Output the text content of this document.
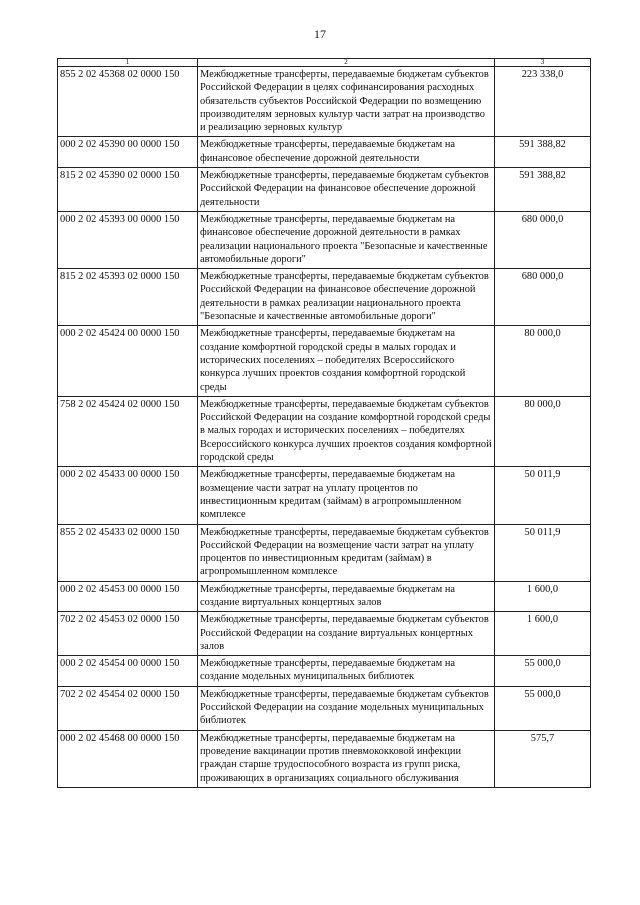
17
1	2	3
855 2 02 45368 02 0000 150	Межбюджетные трансферты, передаваемые бюджетам субъектов Российской Федерации в целях софинансирования расходных обязательств субъектов Российской Федерации по возмещению производителям зерновых культур части затрат на производство и реализацию зерновых культур	223 338,0
000 2 02 45390 00 0000 150	Межбюджетные трансферты, передаваемые бюджетам на финансовое обеспечение дорожной деятельности	591 388,82
815 2 02 45390 02 0000 150	Межбюджетные трансферты, передаваемые бюджетам субъектов Российской Федерации на финансовое обеспечение дорожной деятельности	591 388,82
000 2 02 45393 00 0000 150	Межбюджетные трансферты, передаваемые бюджетам на финансовое обеспечение дорожной деятельности в рамках реализации национального проекта "Безопасные и качественные автомобильные дороги"	680 000,0
815 2 02 45393 02 0000 150	Межбюджетные трансферты, передаваемые бюджетам субъектов Российской Федерации на финансовое обеспечение дорожной деятельности в рамках реализации национального проекта "Безопасные и качественные автомобильные дороги"	680 000,0
000 2 02 45424 00 0000 150	Межбюджетные трансферты, передаваемые бюджетам на создание комфортной городской среды в малых городах и исторических поселениях – победителях Всероссийского конкурса лучших проектов создания комфортной городской среды	80 000,0
758 2 02 45424 02 0000 150	Межбюджетные трансферты, передаваемые бюджетам субъектов Российской Федерации на создание комфортной городской среды в малых городах и исторических поселениях – победителях Всероссийского конкурса лучших проектов создания комфортной городской среды	80 000,0
000 2 02 45433 00 0000 150	Межбюджетные трансферты, передаваемые бюджетам на возмещение части затрат на уплату процентов по инвестиционным кредитам (займам) в агропромышленном комплексе	50 011,9
855 2 02 45433 02 0000 150	Межбюджетные трансферты, передаваемые бюджетам субъектов Российской Федерации на возмещение части затрат на уплату процентов по инвестиционным кредитам (займам) в агропромышленном комплексе	50 011,9
000 2 02 45453 00 0000 150	Межбюджетные трансферты, передаваемые бюджетам на создание виртуальных концертных залов	1 600,0
702 2 02 45453 02 0000 150	Межбюджетные трансферты, передаваемые бюджетам субъектов Российской Федерации на создание виртуальных концертных залов	1 600,0
000 2 02 45454 00 0000 150	Межбюджетные трансферты, передаваемые бюджетам на создание модельных муниципальных библиотек	55 000,0
702 2 02 45454 02 0000 150	Межбюджетные трансферты, передаваемые бюджетам субъектов Российской Федерации на создание модельных муниципальных библиотек	55 000,0
000 2 02 45468 00 0000 150	Межбюджетные трансферты, передаваемые бюджетам на проведение вакцинации против пневмококковой инфекции граждан старше трудоспособного возраста из групп риска, проживающих в организациях социального обслуживания	575,7
